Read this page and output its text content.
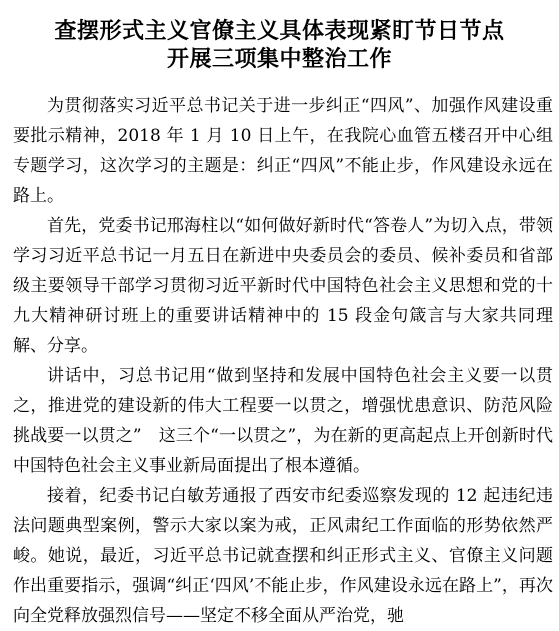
查摆形式主义官僚主义具体表现紧盯节日节点
开展三项集中整治工作

为贯彻落实习近平总书记关于进一步纠正“四风”、加强作风建设重要批示精神，2018 年 1 月 10 日上午，在我院心血管五楼召开中心组专题学习，这次学习的主题是：纠正“四风”不能止步，作风建设永远在路上。

首先，党委书记邢海柱以“如何做好新时代“答卷人”为切入点，带领学习习近平总书记一月五日在新进中央委员会的委员、候补委员和省部级主要领导干部学习贯彻习近平新时代中国特色社会主义思想和党的十九大精神研讨班上的重要讲话精神中的 15 段金句箴言与大家共同理解、分享。

讲话中，习总书记用“做到坚持和发展中国特色社会主义要一以贯之，推进党的建设新的伟大工程要一以贯之，增强忧患意识、防范风险挑战要一以贯之”　这三个“一以贯之”，为在新的更高起点上开创新时代中国特色社会主义事业新局面提出了根本遵循。

接着，纪委书记白敏芳通报了西安市纪委巡察发现的 12 起违纪违法问题典型案例，警示大家以案为戒，正风肃纪工作面临的形势依然严峻。她说，最近，习近平总书记就查摆和纠正形式主义、官僚主义问题作出重要指示，强调“纠正‘四风’不能止步，作风建设永远在路上”，再次向全党释放强烈信号——坚定不移全面从严治党，驰
